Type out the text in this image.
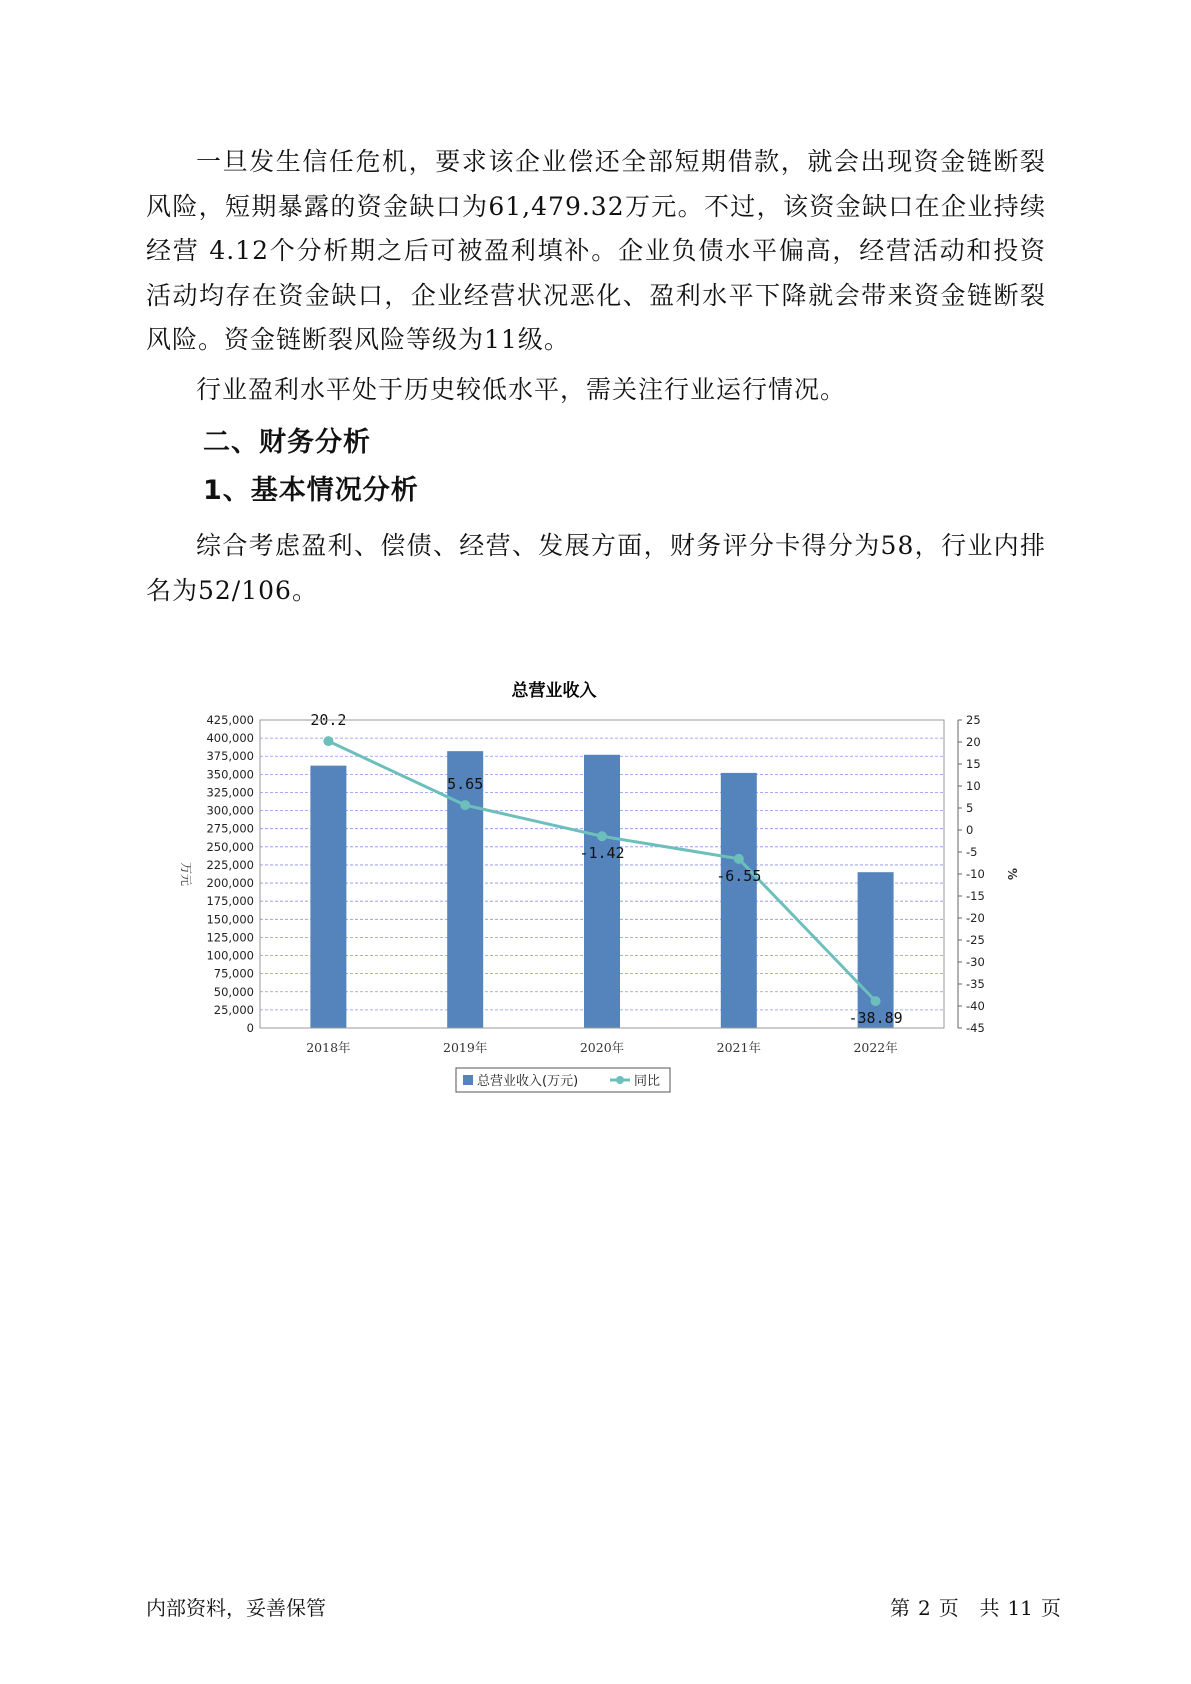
一旦发生信任危机，要求该企业偿还全部短期借款，就会出现资金链断裂风险，短期暴露的资金缺口为61,479.32万元。不过，该资金缺口在企业持续经营 4.12个分析期之后可被盈利填补。企业负债水平偏高，经营活动和投资活动均存在资金缺口，企业经营状况恶化、盈利水平下降就会带来资金链断裂风险。资金链断裂风险等级为11级。

行业盈利水平处于历史较低水平，需关注行业运行情况。

二、财务分析
1、基本情况分析

综合考虑盈利、偿债、经营、发展方面，财务评分卡得分为58，行业内排名为52/106。

总营业收入
20.2
5.65
-1.42
-6.55
-38.89
0
25,000
50,000
75,000
100,000
125,000
150,000
175,000
200,000
225,000
250,000
275,000
300,000
325,000
350,000
375,000
400,000
425,000	25
20
15
10
5
0
-5
-10
-15
-20
-25
-30
-35
-40
-45
万元	%
2018年	2019年	2020年	2021年	2022年
总营业收入(万元)	同比
内部资料，妥善保管	第 2 页 共 11 页
